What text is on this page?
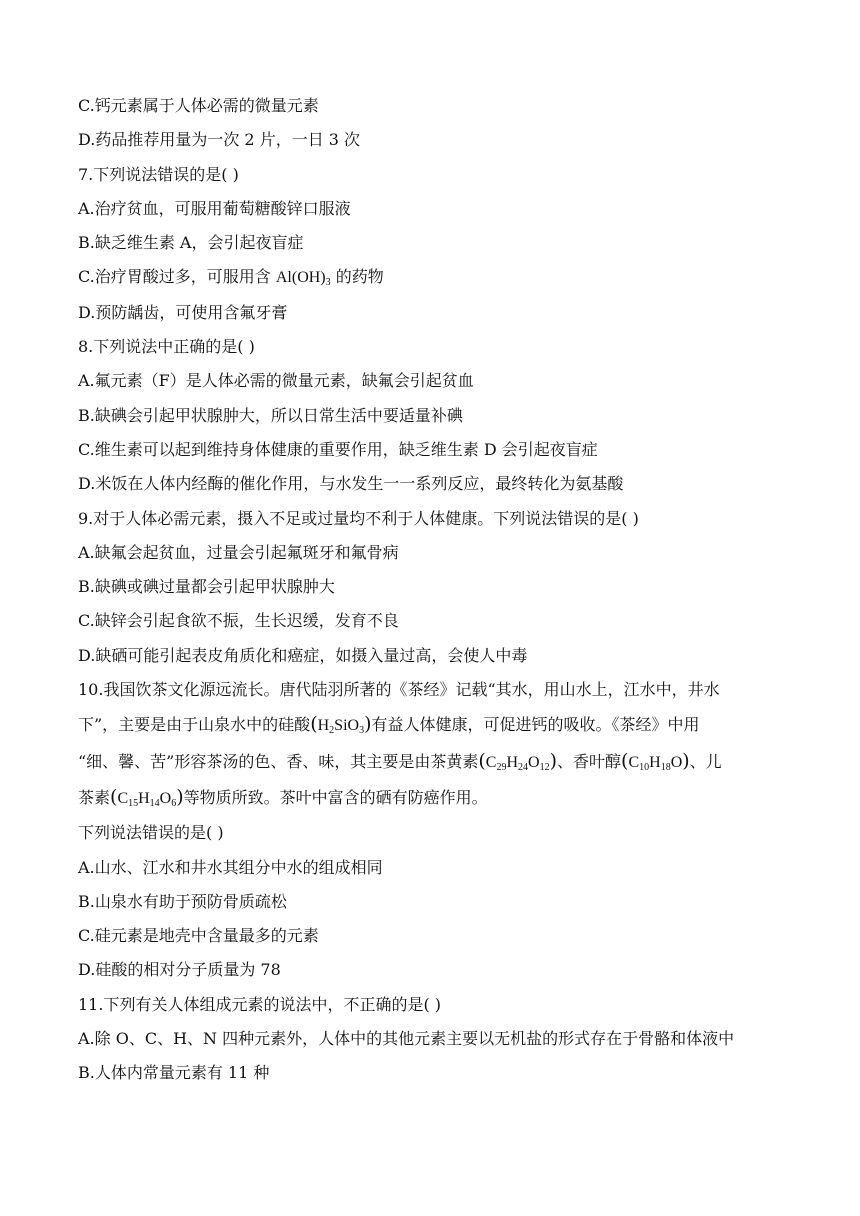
C.钙元素属于人体必需的微量元素

D.药品推荐用量为一次 2 片，一日 3 次

7.下列说法错误的是( )

A.治疗贫血，可服用葡萄糖酸锌口服液

B.缺乏维生素 A，会引起夜盲症

C.治疗胃酸过多，可服用含 $Al(OH)_3$ 的药物

D.预防龋齿，可使用含氟牙膏

8.下列说法中正确的是( )

A.氟元素（F）是人体必需的微量元素，缺氟会引起贫血

B.缺碘会引起甲状腺肿大，所以日常生活中要适量补碘

C.维生素可以起到维持身体健康的重要作用，缺乏维生素 D 会引起夜盲症

D.米饭在人体内经酶的催化作用，与水发生一一系列反应，最终转化为氨基酸

9.对于人体必需元素，摄入不足或过量均不利于人体健康。下列说法错误的是( )

A.缺氟会起贫血，过量会引起氟斑牙和氟骨病

B.缺碘或碘过量都会引起甲状腺肿大

C.缺锌会引起食欲不振，生长迟缓，发育不良

D.缺硒可能引起表皮角质化和癌症，如摄入量过高，会使人中毒

10.我国饮茶文化源远流长。唐代陆羽所著的《茶经》记载“其水，用山水上，江水中，井水

下”，主要是由于山泉水中的硅酸$(H_2SiO_3)$有益人体健康，可促进钙的吸收。《茶经》中用

“细、馨、苦”形容茶汤的色、香、味，其主要是由茶黄素$(C_{29}H_{24}O_{12})$、香叶醇$(C_{10}H_{18}O)$、儿

茶素$(C_{15}H_{14}O_6)$等物质所致。茶叶中富含的硒有防癌作用。

下列说法错误的是( )

A.山水、江水和井水其组分中水的组成相同

B.山泉水有助于预防骨质疏松

C.硅元素是地壳中含量最多的元素

D.硅酸的相对分子质量为 78

11.下列有关人体组成元素的说法中，不正确的是( )

A.除 O、C、H、N 四种元素外，人体中的其他元素主要以无机盐的形式存在于骨骼和体液中

B.人体内常量元素有 11 种
